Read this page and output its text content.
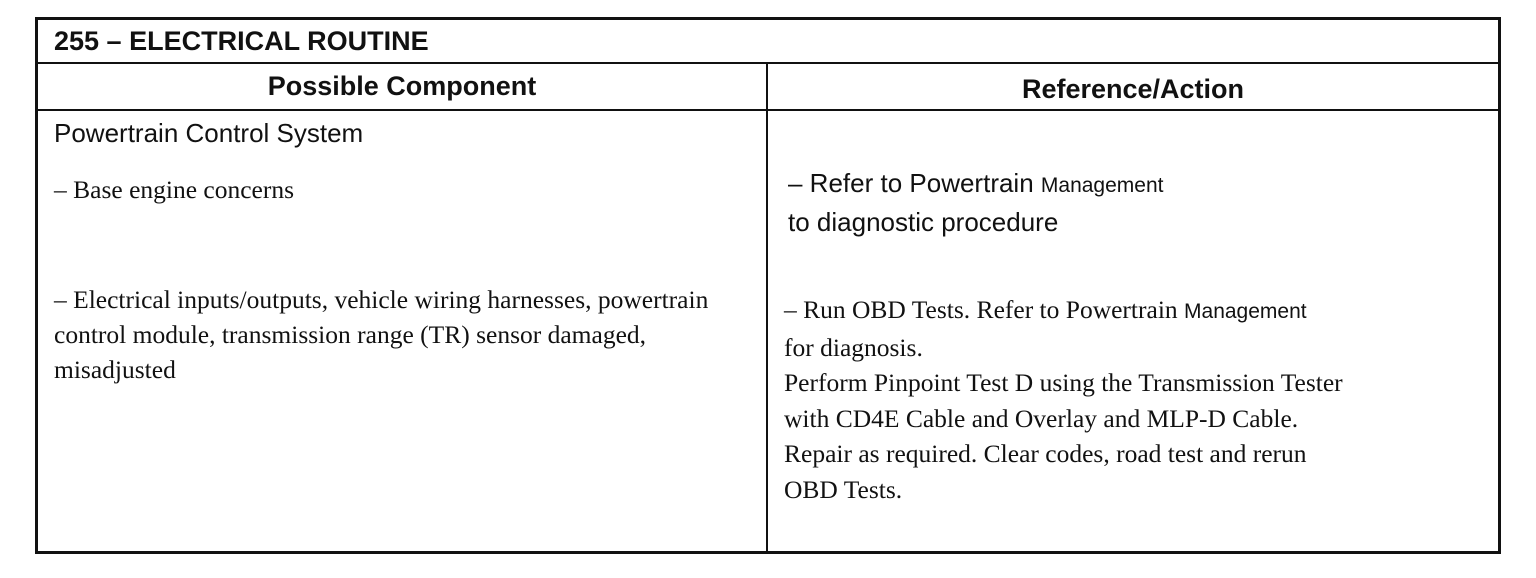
255 – ELECTRICAL ROUTINE
Possible Component	Reference/Action
Powertrain Control System
– Base engine concerns
– Electrical inputs/outputs, vehicle wiring harnesses, powertrain control module, transmission range (TR) sensor damaged, misadjusted
– Refer to Powertrain Management
to diagnostic procedure
– Run OBD Tests. Refer to Powertrain Management
for diagnosis.
Perform Pinpoint Test D using the Transmission Tester
with CD4E Cable and Overlay and MLP-D Cable.
Repair as required. Clear codes, road test and rerun
OBD Tests.
